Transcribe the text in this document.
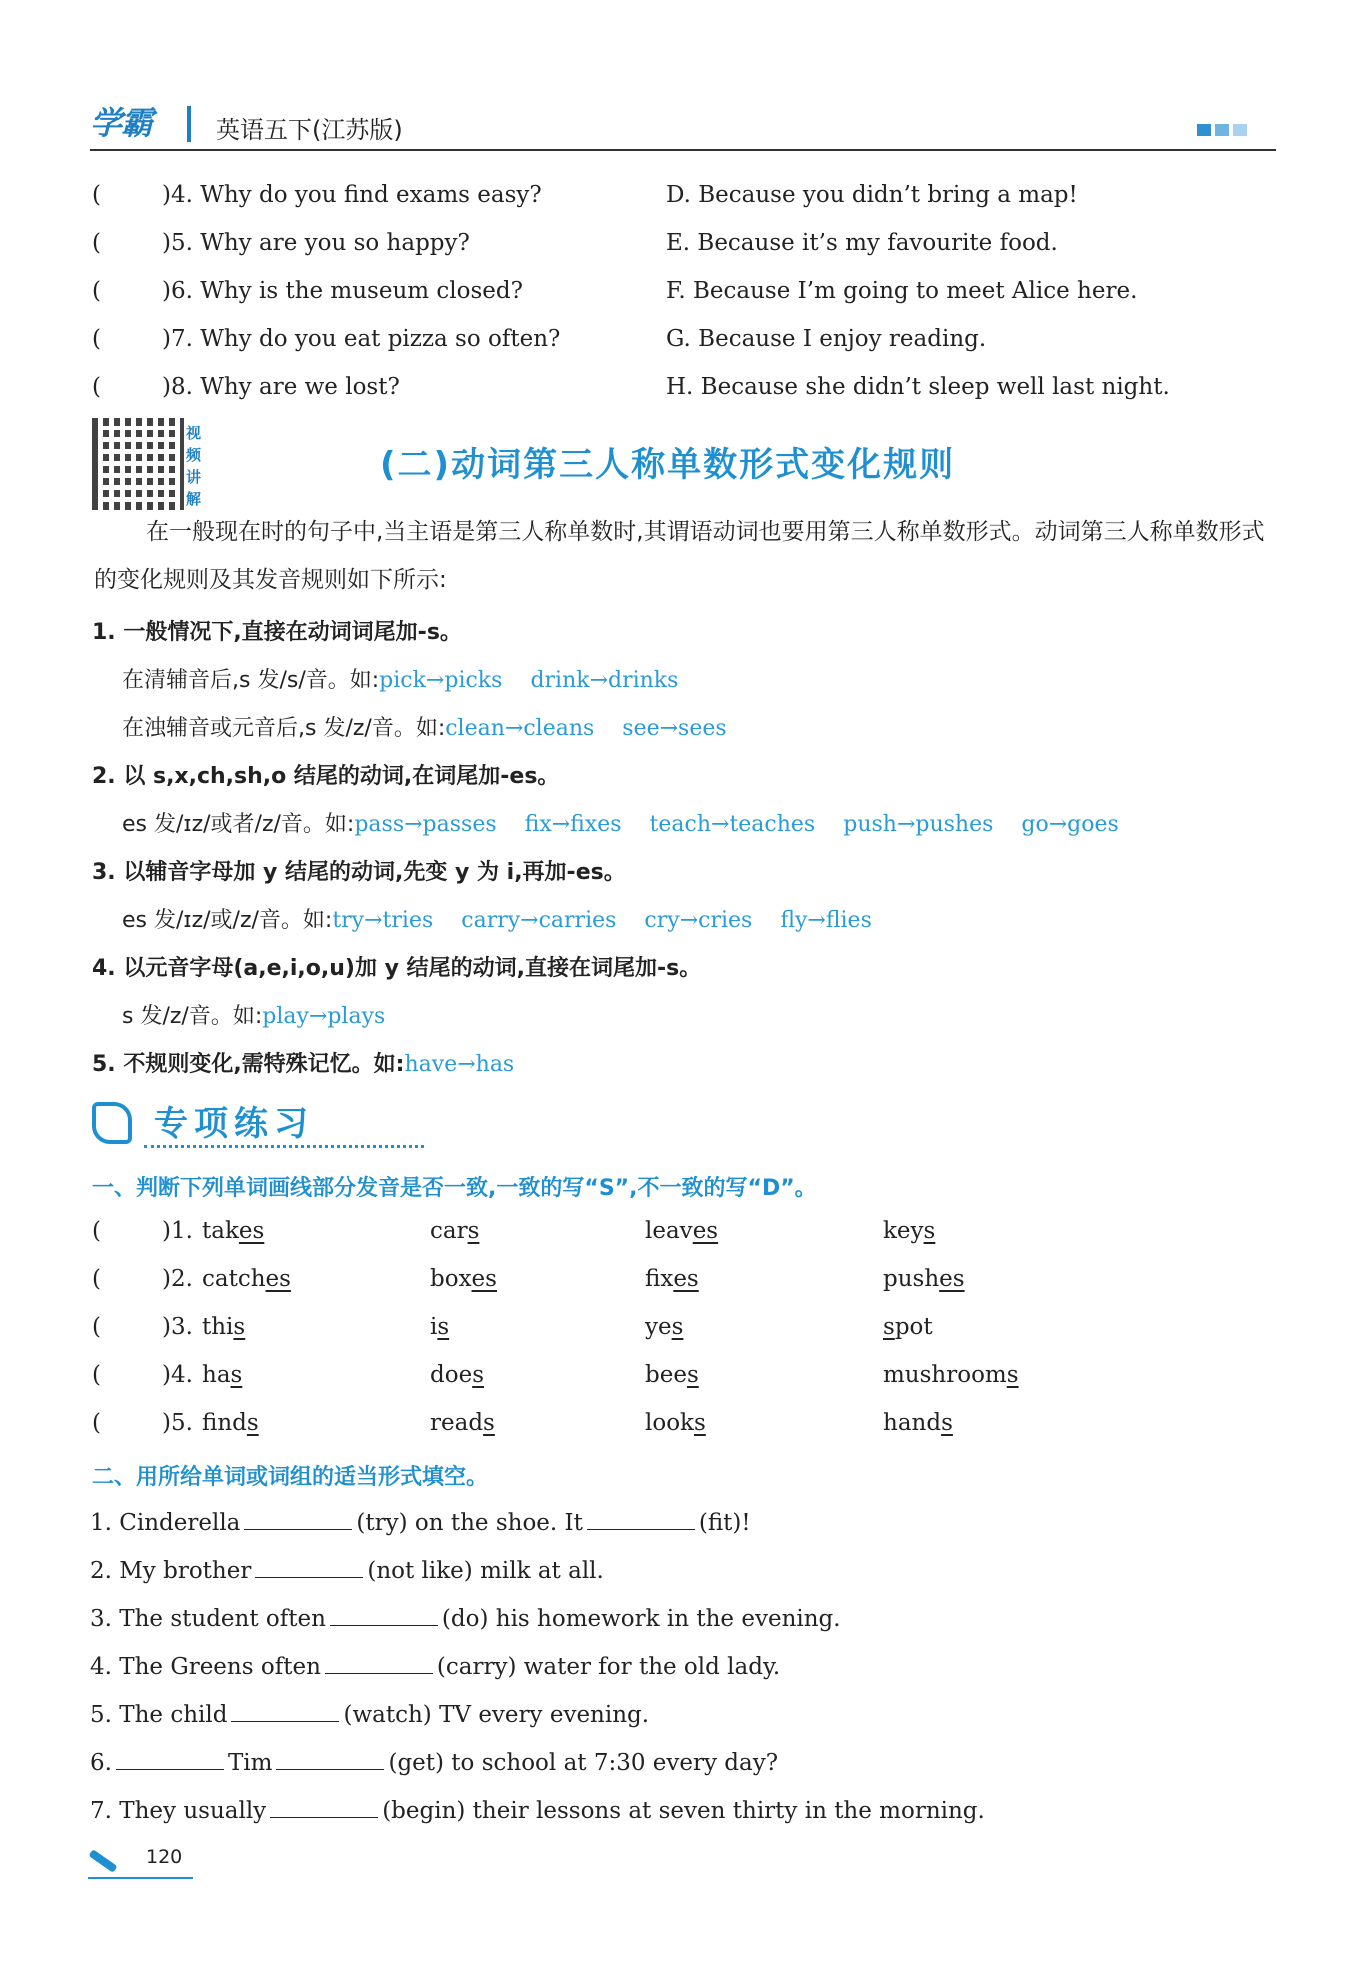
学霸	英语五下(江苏版)
(	)4. Why do you find exams easy?	D. Because you didn’t bring a map!
(	)5. Why are you so happy?	E. Because it’s my favourite food.
(	)6. Why is the museum closed?	F. Because I’m going to meet Alice here.
(	)7. Why do you eat pizza so often?	G. Because I enjoy reading.
(	)8. Why are we lost?	H. Because she didn’t sleep well last night.
视频讲解
(二)动词第三人称单数形式变化规则
在一般现在时的句子中,当主语是第三人称单数时,其谓语动词也要用第三人称单数形式。动词第三人称单数形式的变化规则及其发音规则如下所示:
1. 一般情况下,直接在动词词尾加-s。
在清辅音后,s 发/s/音。如:pick→picks drink→drinks
在浊辅音或元音后,s 发/z/音。如:clean→cleans see→sees
2. 以 s,x,ch,sh,o 结尾的动词,在词尾加-es。
es 发/ɪz/或者/z/音。如:pass→passes fix→fixes teach→teaches push→pushes go→goes
3. 以辅音字母加 y 结尾的动词,先变 y 为 i,再加-es。
es 发/ɪz/或/z/音。如:try→tries carry→carries cry→cries fly→flies
4. 以元音字母(a,e,i,o,u)加 y 结尾的动词,直接在词尾加-s。
s 发/z/音。如:play→plays
5. 不规则变化,需特殊记忆。如:have→has
专项练习
一、判断下列单词画线部分发音是否一致,一致的写“S”,不一致的写“D”。
(	)1. takes	cars	leaves	keys
(	)2. catches	boxes	fixes	pushes
(	)3. this	is	yes	spot
(	)4. has	does	bees	mushrooms
(	)5. finds	reads	looks	hands
二、用所给单词或词组的适当形式填空。
1. Cinderella	(try) on the shoe. It	(fit)!
2. My brother	(not like) milk at all.
3. The student often	(do) his homework in the evening.
4. The Greens often	(carry) water for the old lady.
5. The child	(watch) TV every evening.
6.	Tim	(get) to school at 7:30 every day?
7. They usually	(begin) their lessons at seven thirty in the morning.
120
